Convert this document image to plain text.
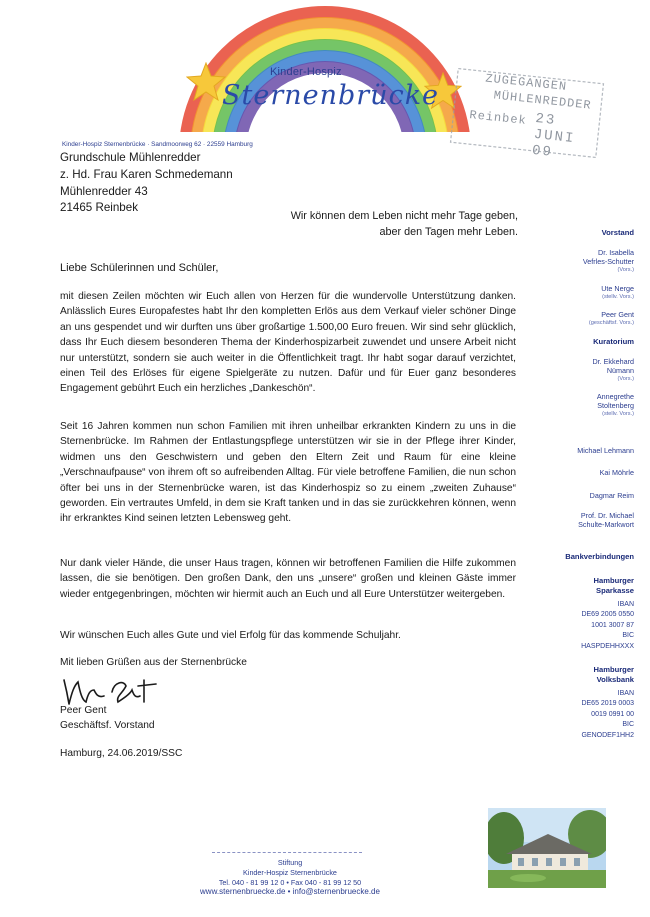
Kinder-Hospiz
Sternenbrücke	ZUGEGANGEN
MÜHLENREDDER
Reinbek 23 JUNI 09
Kinder-Hospiz Sternenbrücke · Sandmoorweg 62 · 22559 Hamburg
Grundschule Mühlenredder
z. Hd. Frau Karen Schmedemann
Mühlenredder 43
21465 Reinbek
Wir können dem Leben nicht mehr Tage geben,
aber den Tagen mehr Leben.
Liebe Schülerinnen und Schüler,

mit diesen Zeilen möchten wir Euch allen von Herzen für die wundervolle Unterstützung danken. Anlässlich Eures Europafestes habt Ihr den kompletten Erlös aus dem Verkauf vieler schöner Dinge an uns gespendet und wir durften uns über großartige 1.500,00 Euro freuen. Wir sind sehr glücklich, dass Ihr Euch diesem besonderen Thema der Kinderhospizarbeit zuwendet und unsere Arbeit nicht nur unterstützt, sondern sie auch weiter in die Öffentlichkeit tragt. Ihr habt sogar darauf verzichtet, einen Teil des Erlöses für eigene Spielgeräte zu nutzen. Dafür und für Euer ganz besonderes Engagement gebührt Euch ein herzliches „Dankeschön“.

Seit 16 Jahren kommen nun schon Familien mit ihren unheilbar erkrankten Kindern zu uns in die Sternenbrücke. Im Rahmen der Entlastungspflege unterstützen wir sie in der Pflege ihrer Kinder, widmen uns den Geschwistern und geben den Eltern Zeit und Raum für eine kleine „Verschnaufpause“ von ihrem oft so aufreibenden Alltag. Für viele betroffene Familien, die nun schon öfter bei uns in der Sternenbrücke waren, ist das Kinderhospiz so zu einem „zweiten Zuhause“ geworden. Ein vertrautes Umfeld, in dem sie Kraft tanken und in das sie zurückkehren können, wenn ihr erkranktes Kind seinen letzten Lebensweg geht.

Nur dank vieler Hände, die unser Haus tragen, können wir betroffenen Familien die Hilfe zukommen lassen, die sie benötigen. Den großen Dank, den uns „unsere“ großen und kleinen Gäste immer wieder entgegenbringen, möchten wir hiermit auch an Euch und all Eure Unterstützer weitergeben.

Wir wünschen Euch alles Gute und viel Erfolg für das kommende Schuljahr.

Mit lieben Grüßen aus der Sternenbrücke
Peer Gent
Geschäftsf. Vorstand
Hamburg, 24.06.2019/SSC
Vorstand
Dr. Isabella
Vefrles-Schutter
(Vors.)
Ute Nerge
(stellv. Vors.)
Peer Gent
(geschäftsf. Vors.)
Kuratorium
Dr. Ekkehard
Nümann
(Vors.)
Annegrethe
Stoltenberg
(stellv. Vors.)
Michael Lehmann
Kai Möhrle
Dagmar Reim
Prof. Dr. Michael
Schulte-Markwort
Bankverbindungen
Hamburger
Sparkasse
IBAN
DE69 2005 0550
1001 3007 87
BIC
HASPDEHHXXX
Hamburger
Volksbank
IBAN
DE65 2019 0003
0019 0991 00
BIC
GENODEF1HH2
Stiftung
Kinder-Hospiz Sternenbrücke
Tel. 040 - 81 99 12 0 • Fax 040 - 81 99 12 50
www.sternenbruecke.de • info@sternenbruecke.de
